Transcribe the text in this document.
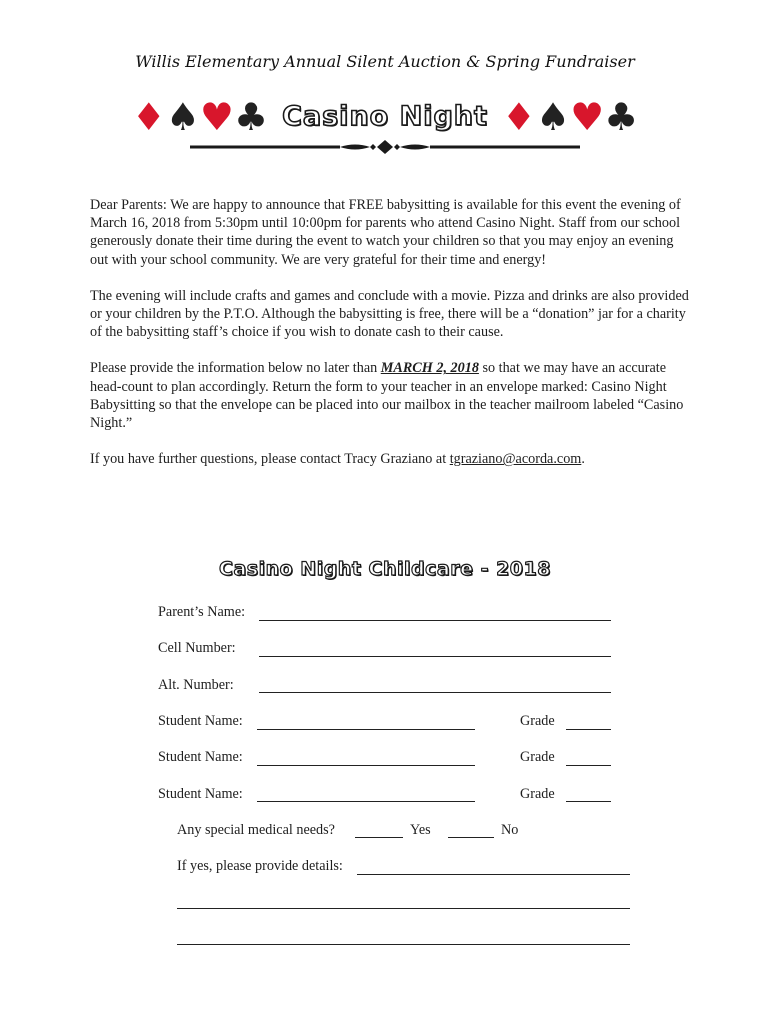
Willis Elementary Annual Silent Auction & Spring Fundraiser
♦ ♠ ♥ ♣ Casino Night ♦ ♠ ♥ ♣

Dear Parents: We are happy to announce that FREE babysitting is available for this event the evening of March 16, 2018 from 5:30pm until 10:00pm for parents who attend Casino Night. Staff from our school generously donate their time during the event to watch your children so that you may enjoy an evening out with your school community. We are very grateful for their time and energy!

The evening will include crafts and games and conclude with a movie. Pizza and drinks are also provided or your children by the P.T.O. Although the babysitting is free, there will be a “donation” jar for a charity of the babysitting staff’s choice if you wish to donate cash to their cause.

Please provide the information below no later than MARCH 2, 2018 so that we may have an accurate head-count to plan accordingly. Return the form to your teacher in an envelope marked: Casino Night Babysitting so that the envelope can be placed into our mailbox in the teacher mailroom labeled “Casino Night.”

If you have further questions, please contact Tracy Graziano at tgraziano@acorda.com.

Casino Night Childcare - 2018
Parent’s Name:
Cell Number:
Alt. Number:
Student Name:	Grade
Student Name:	Grade
Student Name:	Grade
Any special medical needs?	Yes	No
If yes, please provide details:
